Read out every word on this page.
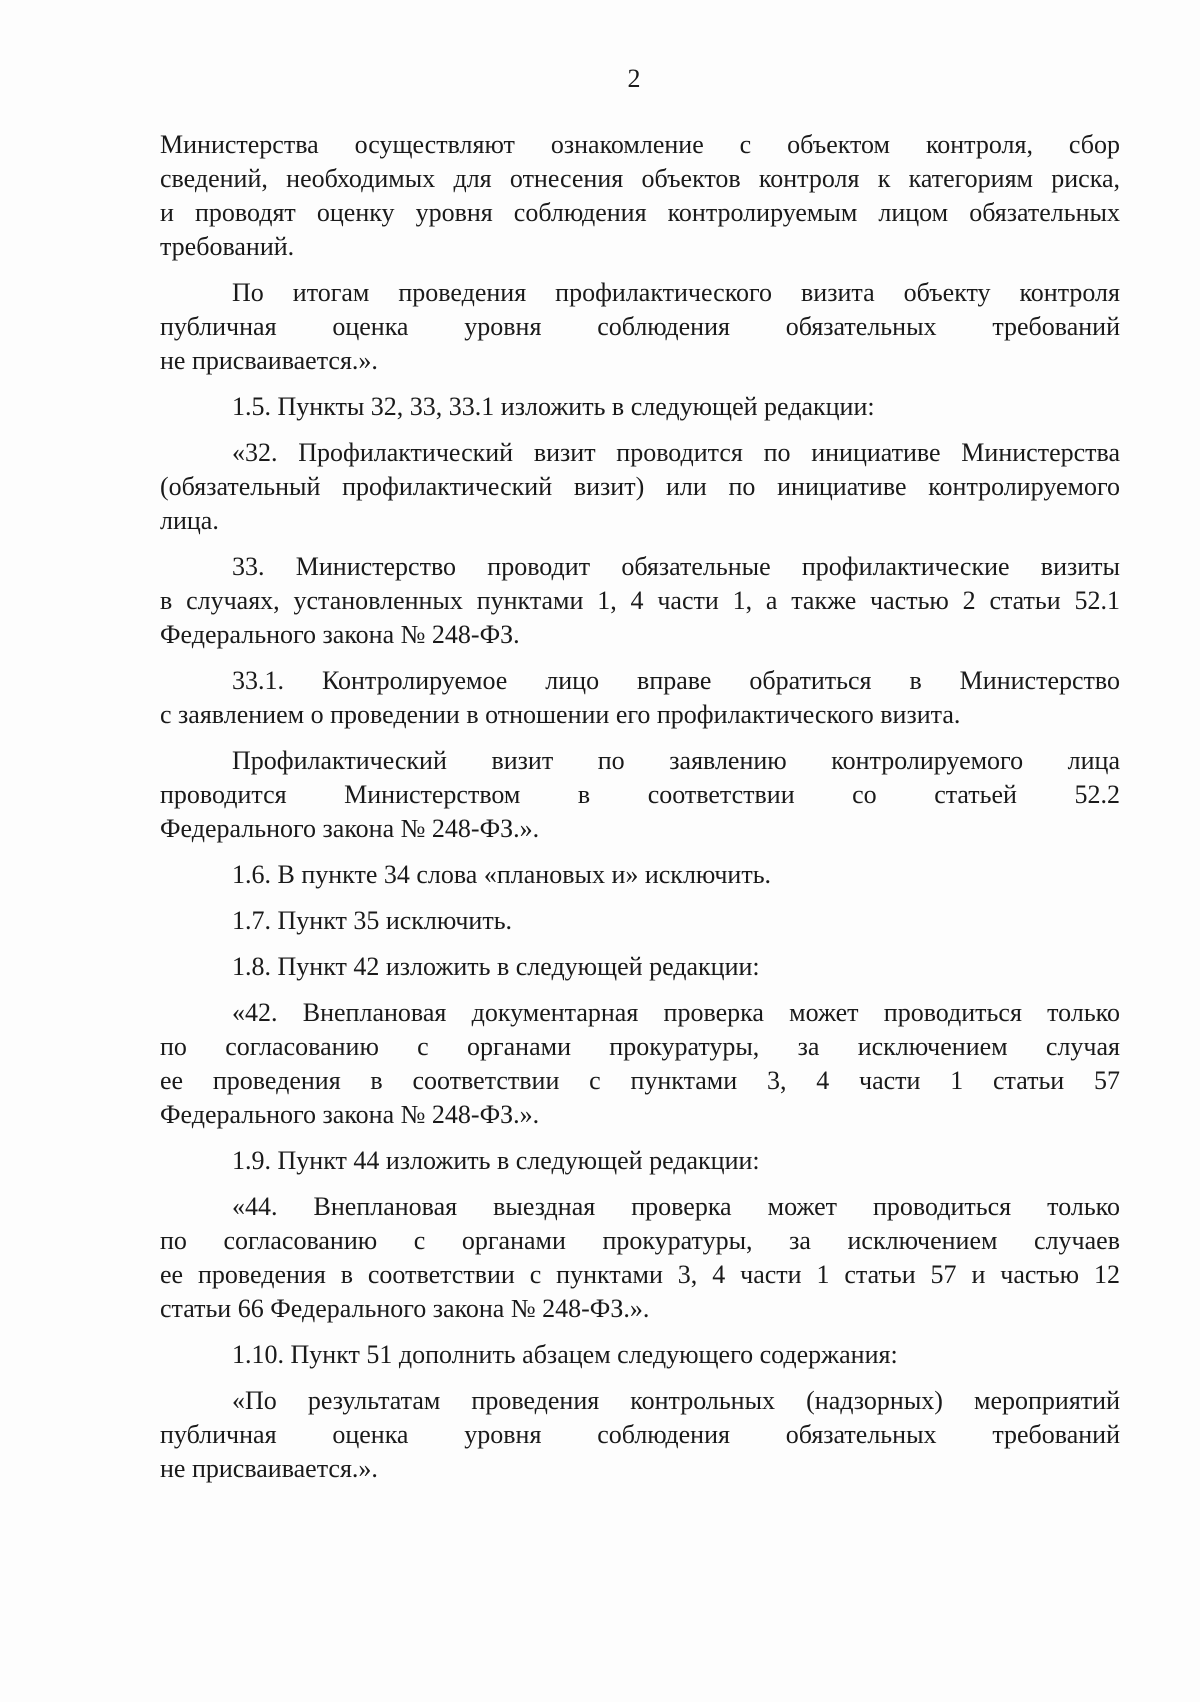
2
Министерства осуществляют ознакомление с объектом контроля, сбор
сведений, необходимых для отнесения объектов контроля к категориям риска,
и проводят оценку уровня соблюдения контролируемым лицом обязательных
требований.
По итогам проведения профилактического визита объекту контроля
публичная оценка уровня соблюдения обязательных требований
не присваивается.».
1.5. Пункты 32, 33, 33.1 изложить в следующей редакции:
«32. Профилактический визит проводится по инициативе Министерства
(обязательный профилактический визит) или по инициативе контролируемого
лица.
33. Министерство проводит обязательные профилактические визиты
в случаях, установленных пунктами 1, 4 части 1, а также частью 2 статьи 52.1
Федерального закона № 248-ФЗ.
33.1. Контролируемое лицо вправе обратиться в Министерство
с заявлением о проведении в отношении его профилактического визита.
Профилактический визит по заявлению контролируемого лица
проводится Министерством в соответствии со статьей 52.2
Федерального закона № 248-ФЗ.».
1.6. В пункте 34 слова «плановых и» исключить.
1.7. Пункт 35 исключить.
1.8. Пункт 42 изложить в следующей редакции:
«42. Внеплановая документарная проверка может проводиться только
по согласованию с органами прокуратуры, за исключением случая
ее проведения в соответствии с пунктами 3, 4 части 1 статьи 57
Федерального закона № 248-ФЗ.».
1.9. Пункт 44 изложить в следующей редакции:
«44. Внеплановая выездная проверка может проводиться только
по согласованию с органами прокуратуры, за исключением случаев
ее проведения в соответствии с пунктами 3, 4 части 1 статьи 57 и частью 12
статьи 66 Федерального закона № 248-ФЗ.».
1.10. Пункт 51 дополнить абзацем следующего содержания:
«По результатам проведения контрольных (надзорных) мероприятий
публичная оценка уровня соблюдения обязательных требований
не присваивается.».
